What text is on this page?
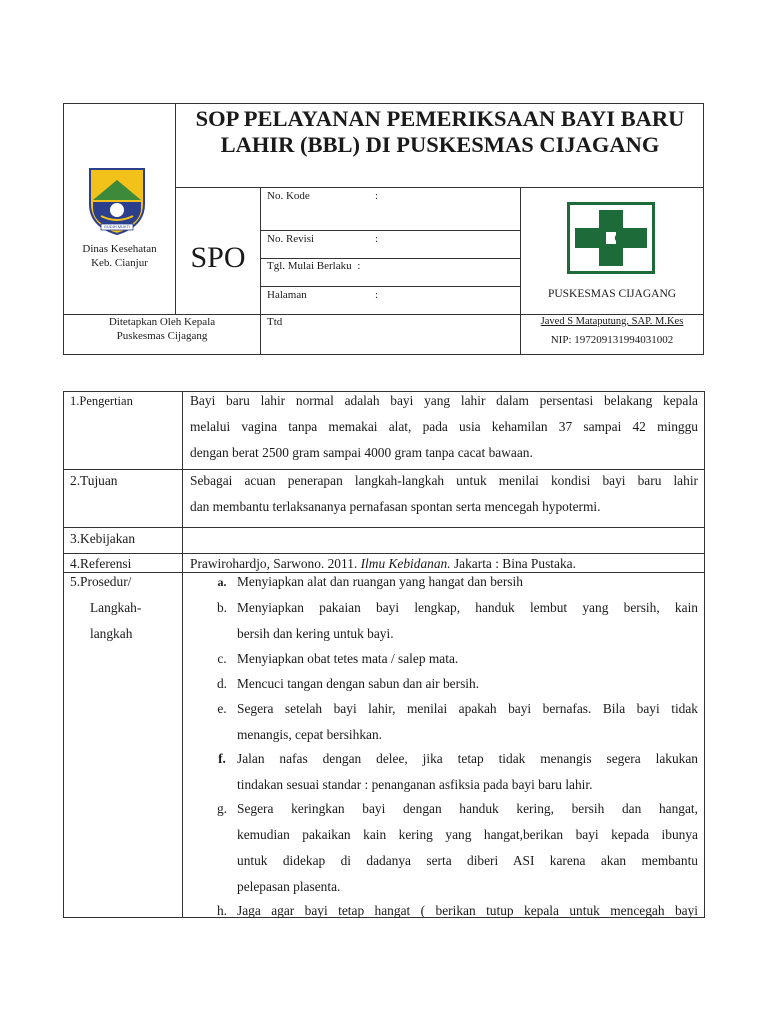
SOP PELAYANAN PEMERIKSAAN BAYI BARU LAHIR (BBL) DI PUSKESMAS CIJAGANG
GUDIH MUKTI
Dinas Kesehatan
Keb. Cianjur	SPO
No. Kode	:
No. Revisi	:
Tgl. Mulai Berlaku :
Halaman	:	PUSKESMAS CIJAGANG
Ditetapkan Oleh Kepala
Puskesmas Cijagang
Ttd	Javed S Mataputung, SAP. M.Kes
NIP: 197209131994031002
1.Pengertian	Bayi baru lahir normal adalah bayi yang lahir dalam persentasi belakang kepala
melalui vagina tanpa memakai alat, pada usia kehamilan 37 sampai 42 minggu
dengan berat 2500 gram sampai 4000 gram tanpa cacat bawaan.
2.Tujuan	Sebagai acuan penerapan langkah-langkah untuk menilai kondisi bayi baru lahir
dan membantu terlaksananya pernafasan spontan serta mencegah hypotermi.
3.Kebijakan
4.Referensi	Prawirohardjo, Sarwono. 2011. Ilmu Kebidanan. Jakarta : Bina Pustaka.
5.Prosedur/
Langkah-
langkah
a. Menyiapkan alat dan ruangan yang hangat dan bersih
b. Menyiapkan pakaian bayi lengkap, handuk lembut yang bersih, kain
bersih dan kering untuk bayi.
c. Menyiapkan obat tetes mata / salep mata.
d. Mencuci tangan dengan sabun dan air bersih.
e. Segera setelah bayi lahir, menilai apakah bayi bernafas. Bila bayi tidak
menangis, cepat bersihkan.
f. Jalan nafas dengan delee, jika tetap tidak menangis segera lakukan
tindakan sesuai standar : penanganan asfiksia pada bayi baru lahir.
g. Segera keringkan bayi dengan handuk kering, bersih dan hangat,
kemudian pakaikan kain kering yang hangat,berikan bayi kepada ibunya
untuk didekap di dadanya serta diberi ASI karena akan membantu
pelepasan plasenta.
h. Jaga agar bayi tetap hangat ( berikan tutup kepala untuk mencegah bayi
